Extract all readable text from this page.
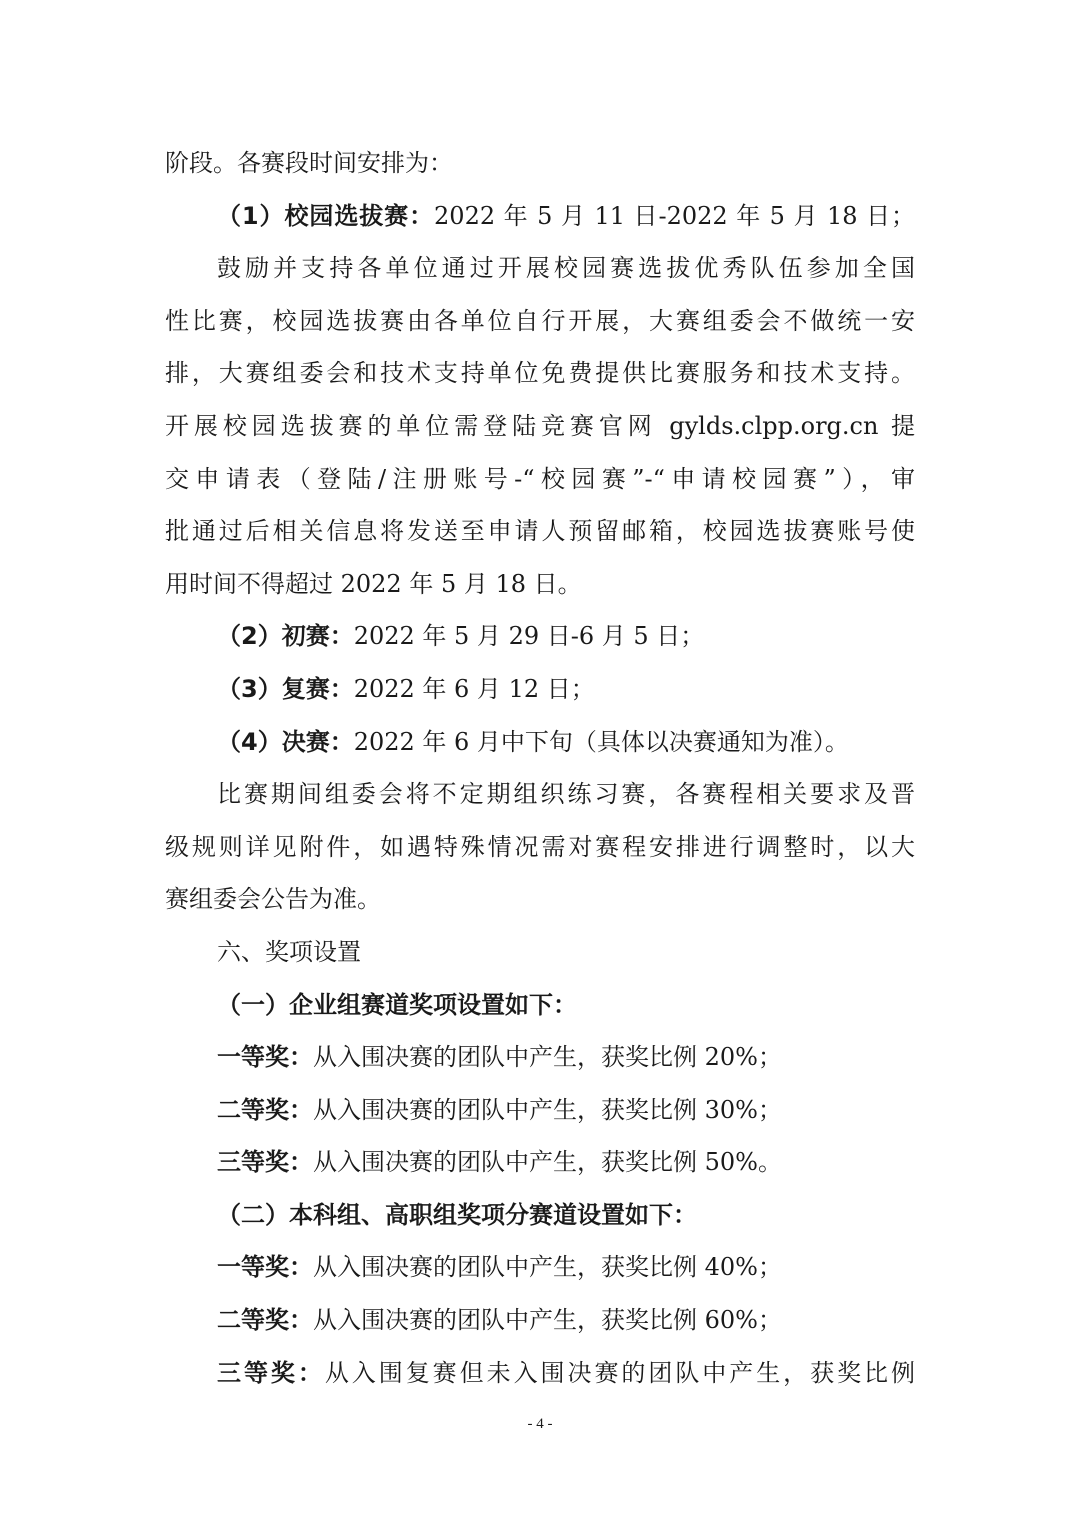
阶段。各赛段时间安排为：
（1）校园选拔赛：2022 年 5 月 11 日-2022 年 5 月 18 日；
鼓励并支持各单位通过开展校园赛选拔优秀队伍参加全国
性比赛，校园选拔赛由各单位自行开展，大赛组委会不做统一安
排，大赛组委会和技术支持单位免费提供比赛服务和技术支持。
开展校园选拔赛的单位需登陆竞赛官网 gylds.clpp.org.cn 提
交申请表（登陆/注册账号-“校园赛”-“申请校园赛”），审
批通过后相关信息将发送至申请人预留邮箱，校园选拔赛账号使
用时间不得超过 2022 年 5 月 18 日。
（2）初赛：2022 年 5 月 29 日-6 月 5 日；
（3）复赛：2022 年 6 月 12 日；
（4）决赛：2022 年 6 月中下旬（具体以决赛通知为准）。
比赛期间组委会将不定期组织练习赛，各赛程相关要求及晋
级规则详见附件，如遇特殊情况需对赛程安排进行调整时，以大
赛组委会公告为准。
六、奖项设置
（一）企业组赛道奖项设置如下：
一等奖：从入围决赛的团队中产生，获奖比例 20%；
二等奖：从入围决赛的团队中产生，获奖比例 30%；
三等奖：从入围决赛的团队中产生，获奖比例 50%。
（二）本科组、高职组奖项分赛道设置如下：
一等奖：从入围决赛的团队中产生，获奖比例 40%；
二等奖：从入围决赛的团队中产生，获奖比例 60%；
三等奖：从入围复赛但未入围决赛的团队中产生，获奖比例
- 4 -
